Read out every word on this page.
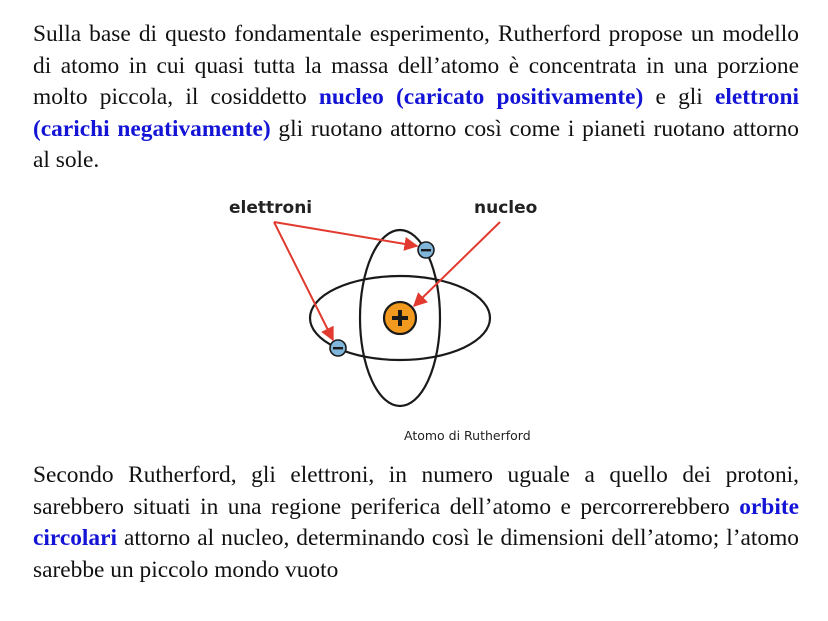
Sulla base di questo fondamentale esperimento, Rutherford propose un modello di atomo in cui quasi tutta la massa dell’atomo è concentrata in una porzione molto piccola, il cosiddetto nucleo (caricato positivamente) e gli elettroni (carichi negativamente) gli ruotano attorno così come i pianeti ruotano attorno al sole.

elettroni	nucleo
Atomo di Rutherford

Secondo Rutherford, gli elettroni, in numero uguale a quello dei protoni, sarebbero situati in una regione periferica dell’atomo e percorrerebbero orbite circolari attorno al nucleo, determinando così le dimensioni dell’atomo; l’atomo sarebbe un piccolo mondo vuoto
